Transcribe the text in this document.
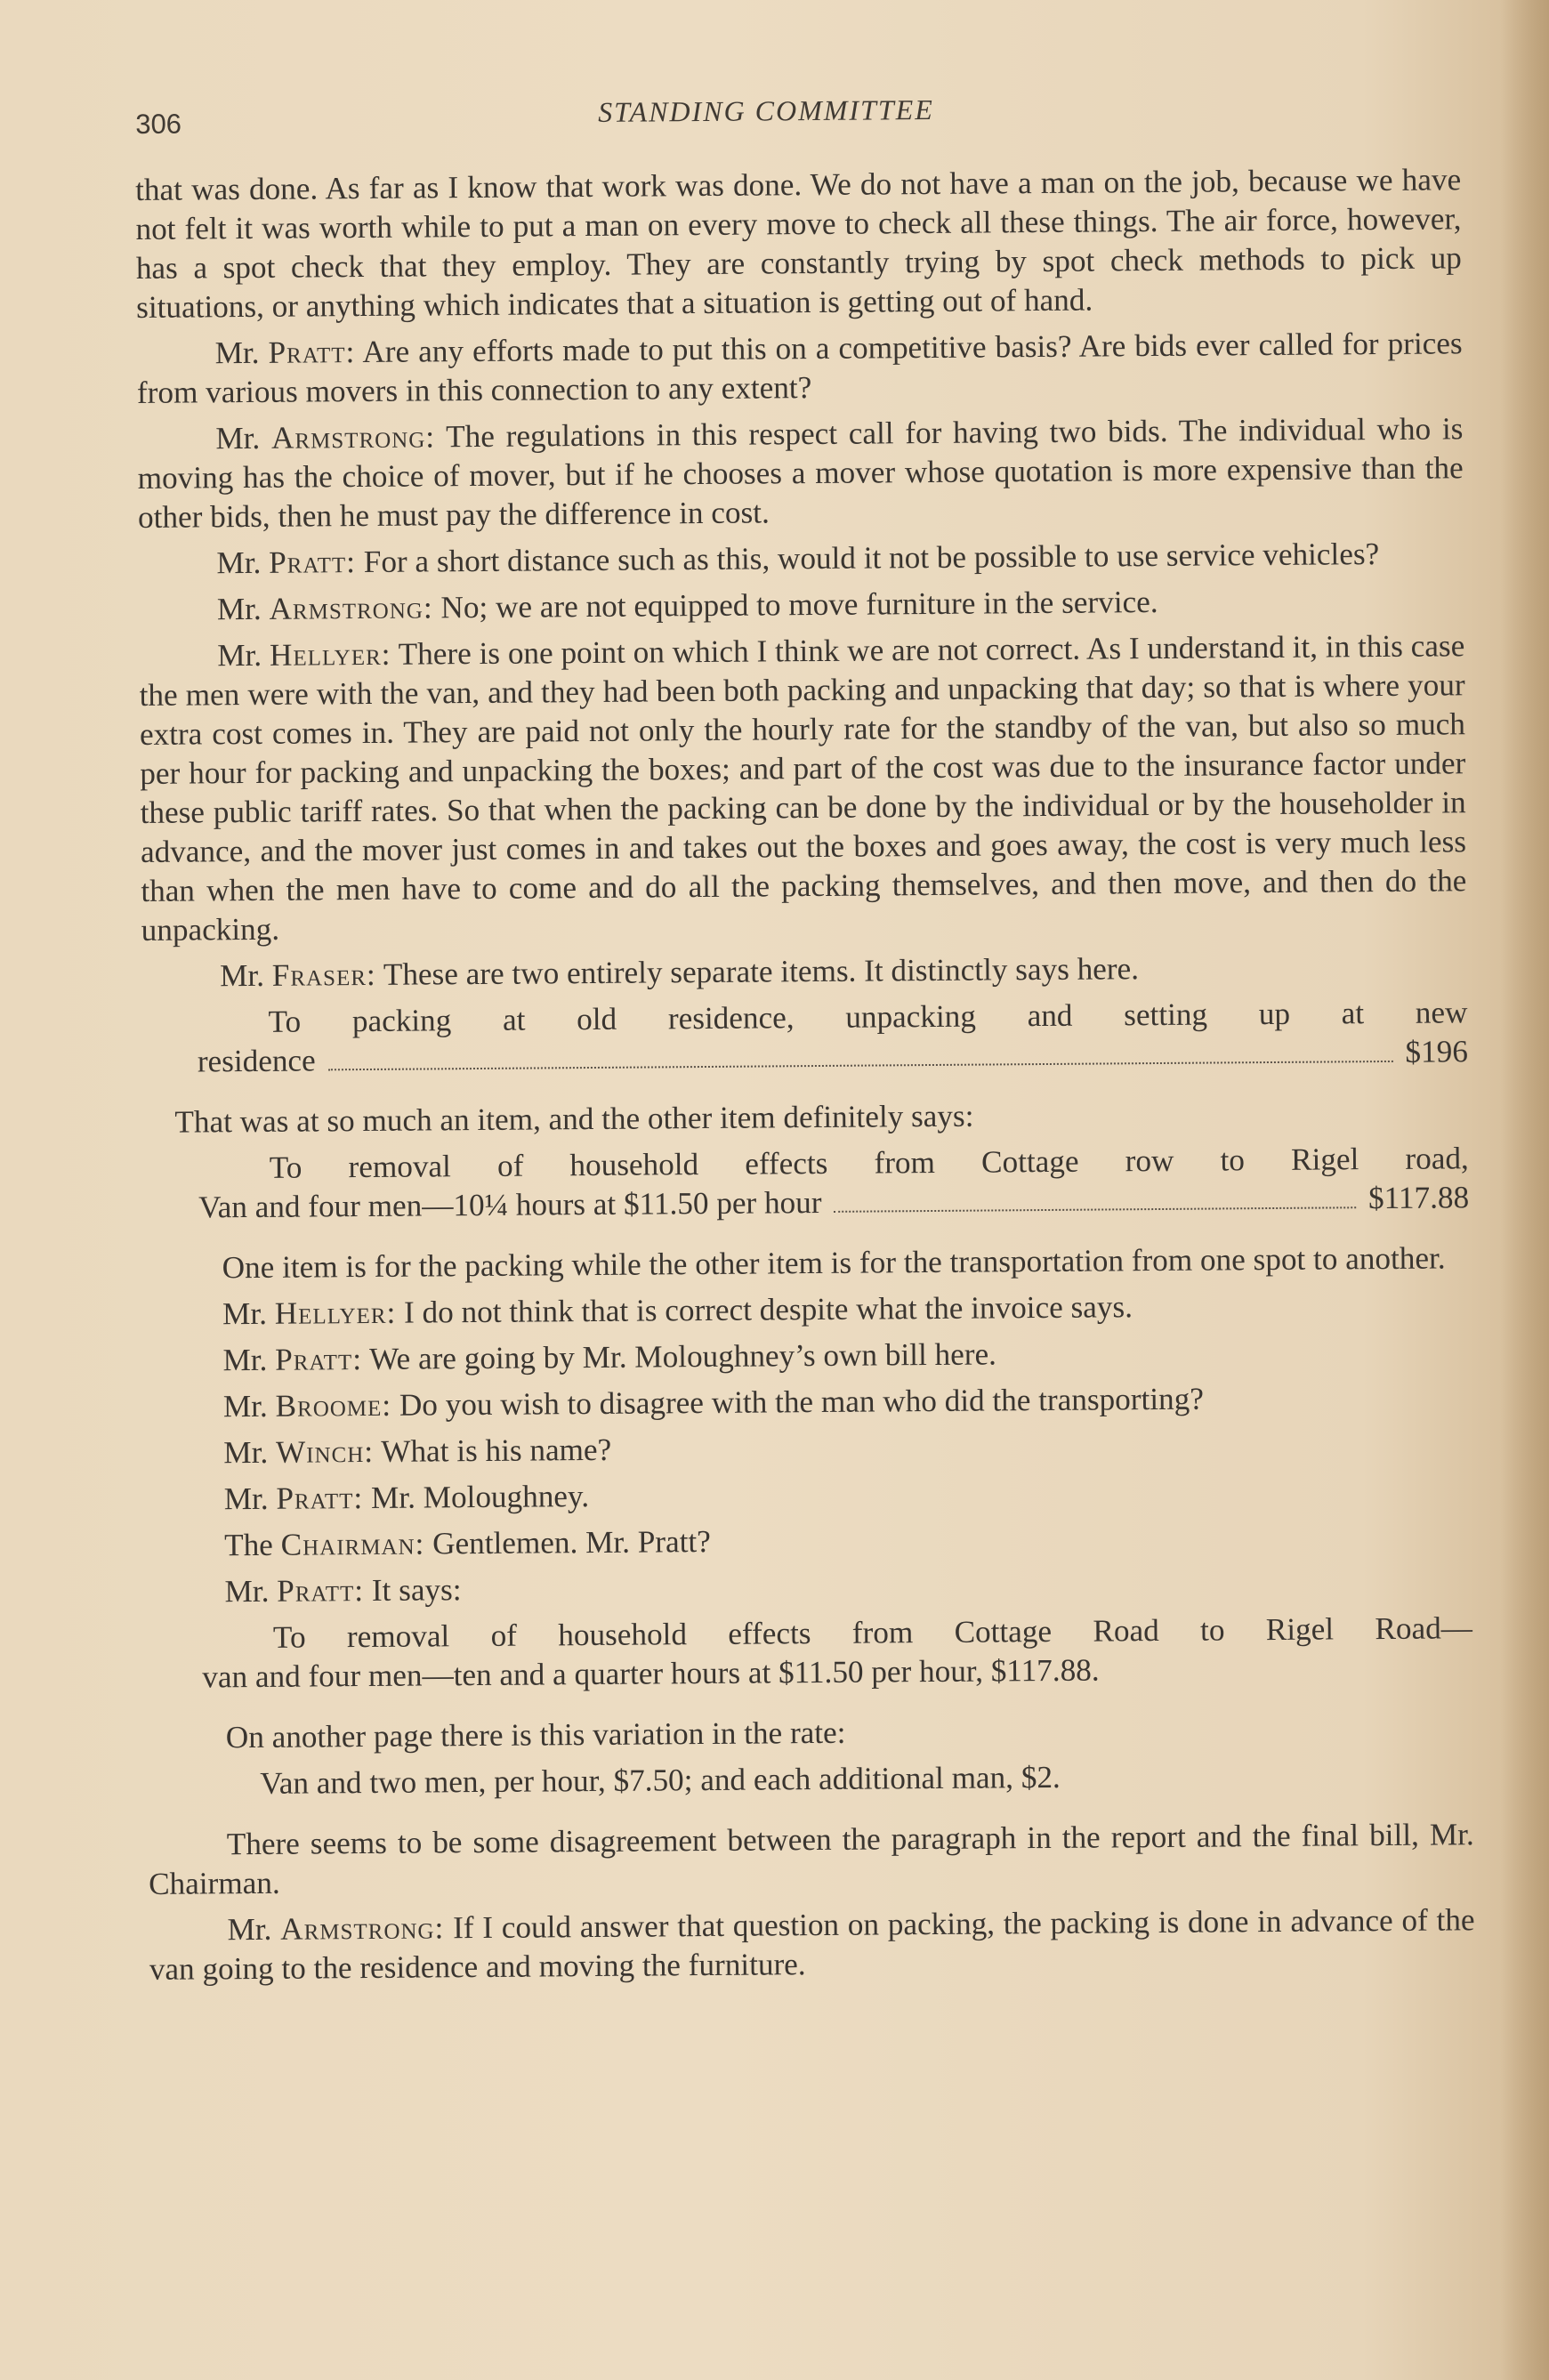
306	STANDING COMMITTEE

that was done. As far as I know that work was done. We do not have a man on the job, because we have not felt it was worth while to put a man on every move to check all these things. The air force, however, has a spot check that they employ. They are constantly trying by spot check methods to pick up situations, or anything which indicates that a situation is getting out of hand.

Mr. Pratt: Are any efforts made to put this on a competitive basis? Are bids ever called for prices from various movers in this connection to any extent?

Mr. Armstrong: The regulations in this respect call for having two bids. The individual who is moving has the choice of mover, but if he chooses a mover whose quotation is more expensive than the other bids, then he must pay the difference in cost.

Mr. Pratt: For a short distance such as this, would it not be possible to use service vehicles?

Mr. Armstrong: No; we are not equipped to move furniture in the service.

Mr. Hellyer: There is one point on which I think we are not correct. As I understand it, in this case the men were with the van, and they had been both packing and unpacking that day; so that is where your extra cost comes in. They are paid not only the hourly rate for the standby of the van, but also so much per hour for packing and unpacking the boxes; and part of the cost was due to the insurance factor under these public tariff rates. So that when the packing can be done by the individual or by the householder in advance, and the mover just comes in and takes out the boxes and goes away, the cost is very much less than when the men have to come and do all the packing themselves, and then move, and then do the unpacking.

Mr. Fraser: These are two entirely separate items. It distinctly says here.

To packing at old residence, unpacking and setting up at new
residence	$196

That was at so much an item, and the other item definitely says:

To removal of household effects from Cottage row to Rigel road,
Van and four men—10¼ hours at $11.50 per hour	$117.88

One item is for the packing while the other item is for the transportation from one spot to another.

Mr. Hellyer: I do not think that is correct despite what the invoice says.

Mr. Pratt: We are going by Mr. Moloughney’s own bill here.

Mr. Broome: Do you wish to disagree with the man who did the transporting?

Mr. Winch: What is his name?

Mr. Pratt: Mr. Moloughney.

The Chairman: Gentlemen. Mr. Pratt?

Mr. Pratt: It says:

To removal of household effects from Cottage Road to Rigel Road—
van and four men—ten and a quarter hours at $11.50 per hour, $117.88.

On another page there is this variation in the rate:

Van and two men, per hour, $7.50; and each additional man, $2.

There seems to be some disagreement between the paragraph in the report and the final bill, Mr. Chairman.

Mr. Armstrong: If I could answer that question on packing, the packing is done in advance of the van going to the residence and moving the furniture.
